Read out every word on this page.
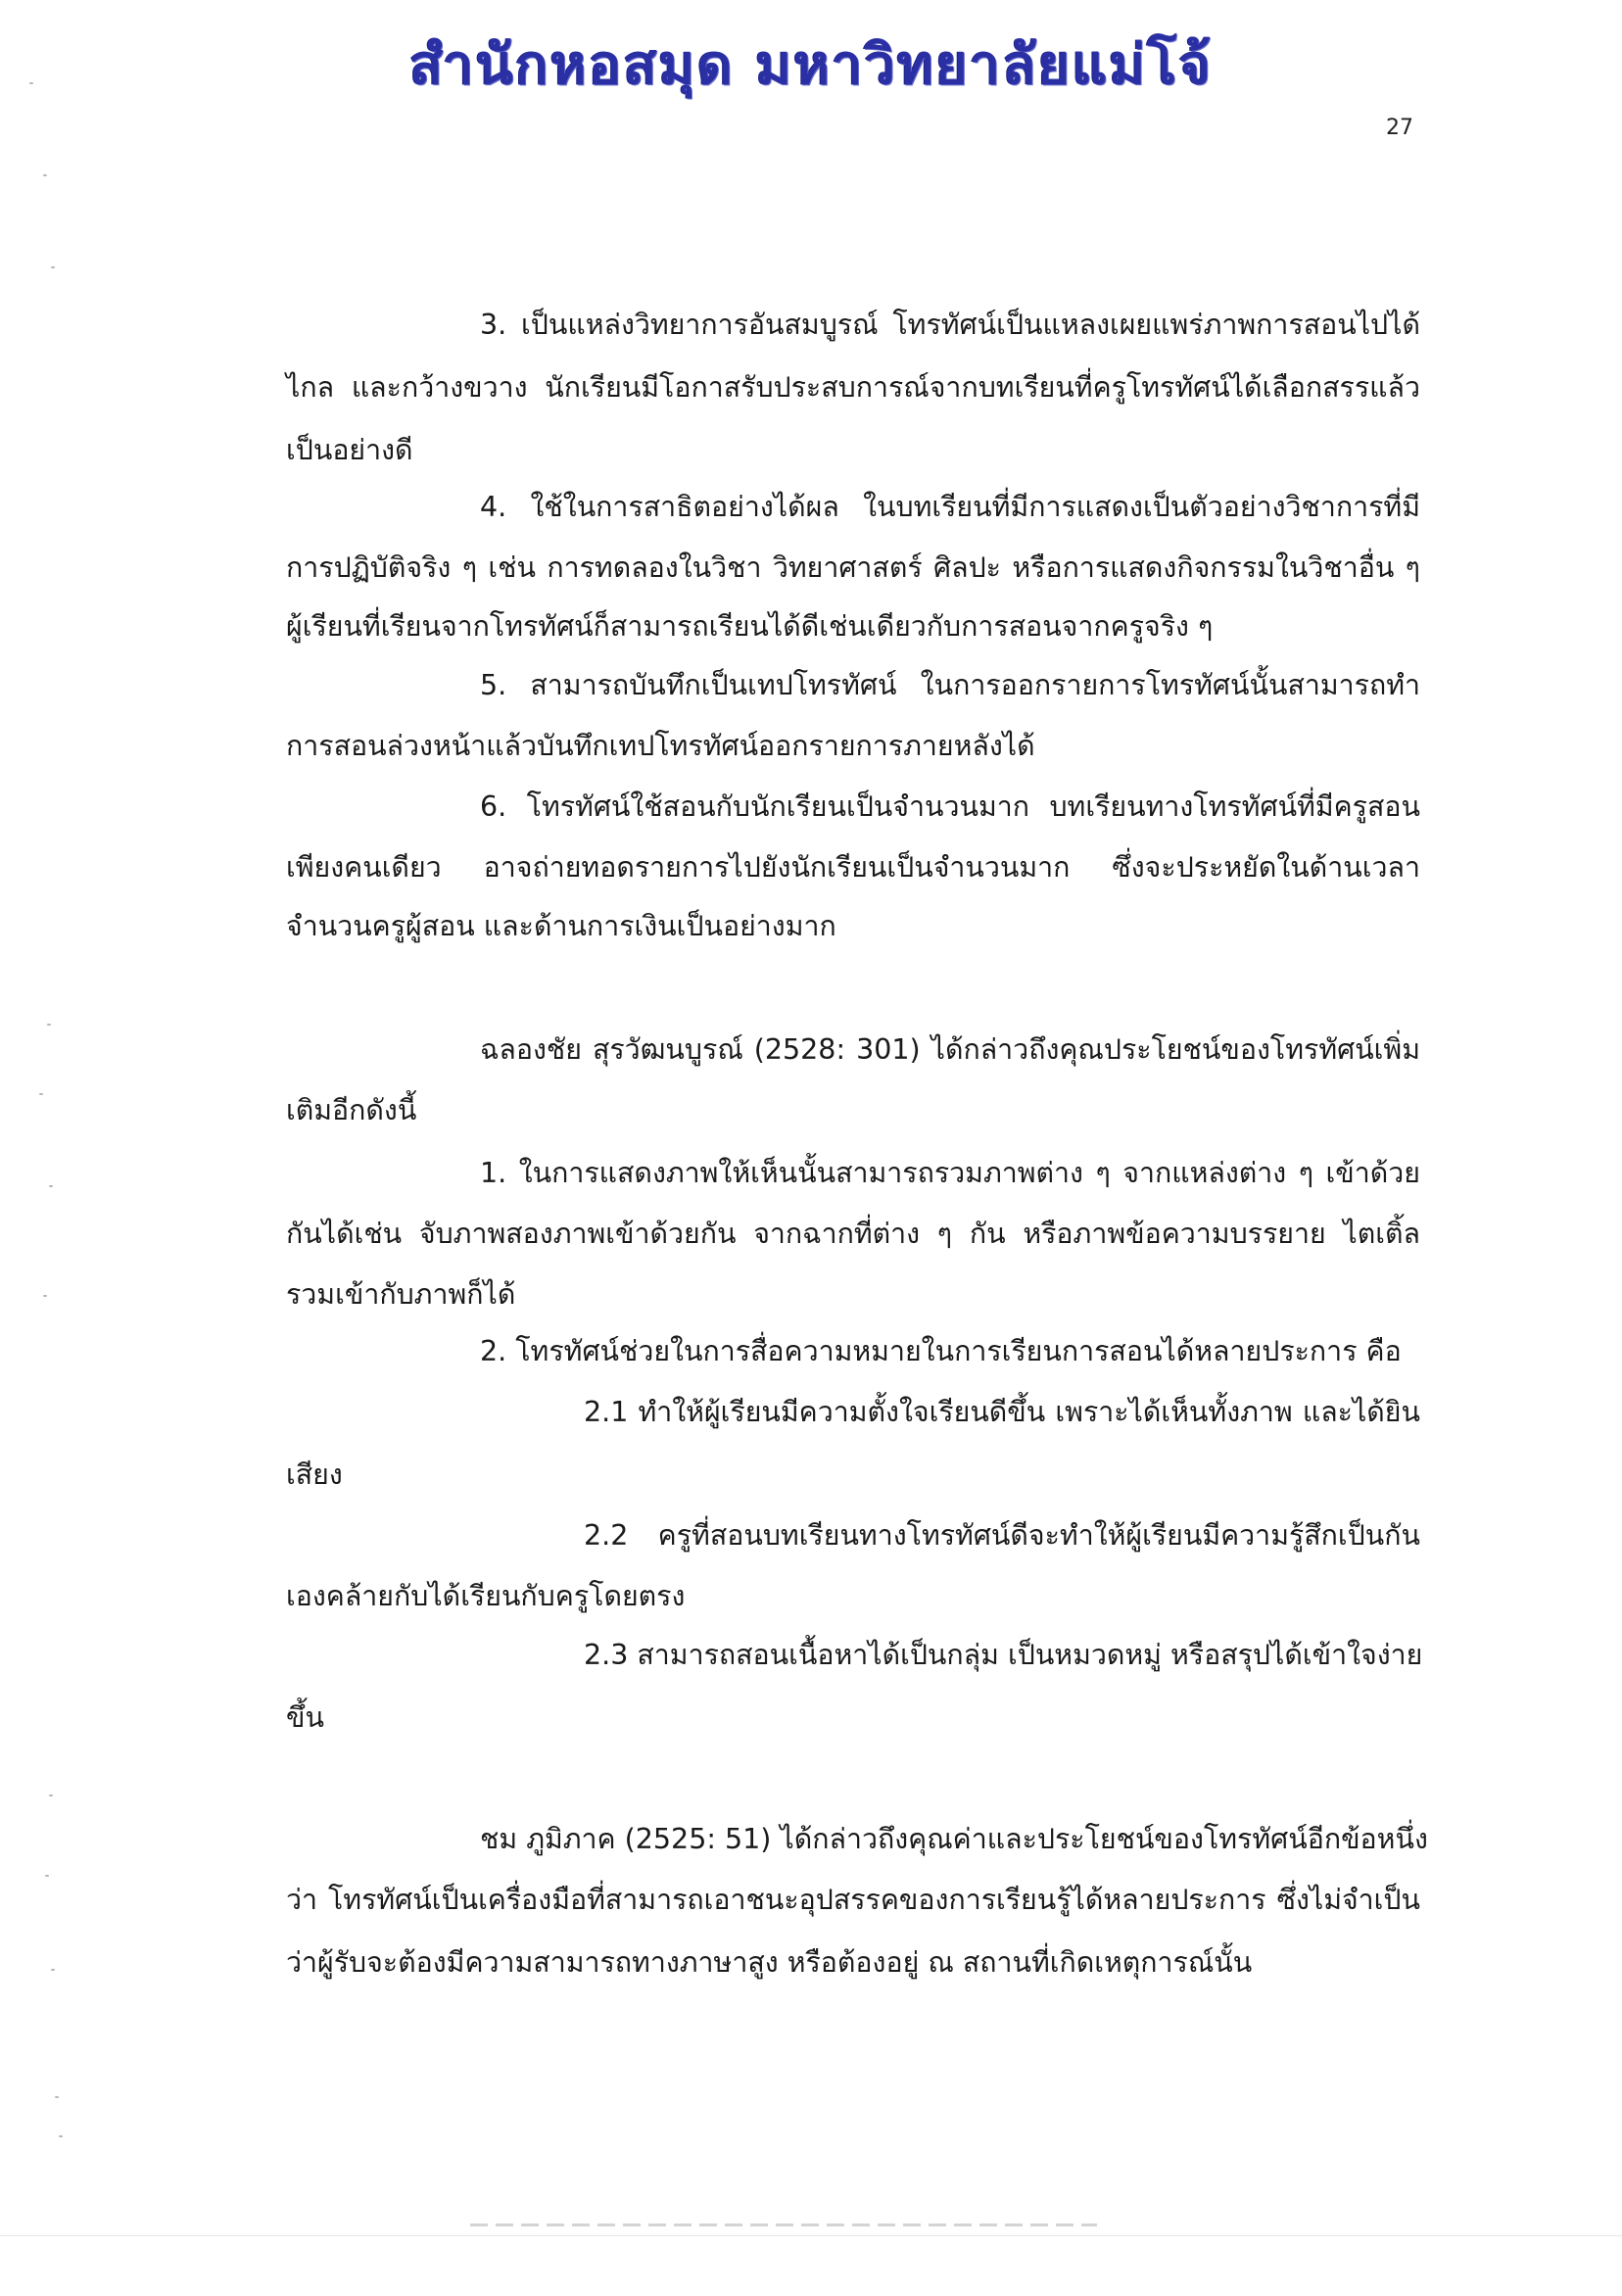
สำนักหอสมุด มหาวิทยาลัยแม่โจ้
27
3. เป็นแหล่งวิทยาการอันสมบูรณ์ โทรทัศน์เป็นแหลงเผยแพร่ภาพการสอนไปได้
ไกล และกว้างขวาง นักเรียนมีโอกาสรับประสบการณ์จากบทเรียนที่ครูโทรทัศน์ได้เลือกสรรแล้ว
เป็นอย่างดี
4. ใช้ในการสาธิตอย่างได้ผล ในบทเรียนที่มีการแสดงเป็นตัวอย่างวิชาการที่มี
การปฏิบัติจริง ๆ เช่น การทดลองในวิชา วิทยาศาสตร์ ศิลปะ หรือการแสดงกิจกรรมในวิชาอื่น ๆ
ผู้เรียนที่เรียนจากโทรทัศน์ก็สามารถเรียนได้ดีเช่นเดียวกับการสอนจากครูจริง ๆ
5. สามารถบันทึกเป็นเทปโทรทัศน์ ในการออกรายการโทรทัศน์นั้นสามารถทำ
การสอนล่วงหน้าแล้วบันทึกเทปโทรทัศน์ออกรายการภายหลังได้
6. โทรทัศน์ใช้สอนกับนักเรียนเป็นจำนวนมาก บทเรียนทางโทรทัศน์ที่มีครูสอน
เพียงคนเดียว อาจถ่ายทอดรายการไปยังนักเรียนเป็นจำนวนมาก ซึ่งจะประหยัดในด้านเวลา
จำนวนครูผู้สอน และด้านการเงินเป็นอย่างมาก
ฉลองชัย สุรวัฒนบูรณ์ (2528: 301) ได้กล่าวถึงคุณประโยชน์ของโทรทัศน์เพิ่ม
เติมอีกดังนี้
1. ในการแสดงภาพให้เห็นนั้นสามารถรวมภาพต่าง ๆ จากแหล่งต่าง ๆ เข้าด้วย
กันได้เช่น จับภาพสองภาพเข้าด้วยกัน จากฉากที่ต่าง ๆ กัน หรือภาพข้อความบรรยาย ไตเติ้ล
รวมเข้ากับภาพก็ได้
2. โทรทัศน์ช่วยในการสื่อความหมายในการเรียนการสอนได้หลายประการ คือ
2.1 ทำให้ผู้เรียนมีความตั้งใจเรียนดีขึ้น เพราะได้เห็นทั้งภาพ และได้ยิน
เสียง
2.2 ครูที่สอนบทเรียนทางโทรทัศน์ดีจะทำให้ผู้เรียนมีความรู้สึกเป็นกัน
เองคล้ายกับได้เรียนกับครูโดยตรง
2.3 สามารถสอนเนื้อหาได้เป็นกลุ่ม เป็นหมวดหมู่ หรือสรุปได้เข้าใจง่าย
ขึ้น
ชม ภูมิภาค (2525: 51) ได้กล่าวถึงคุณค่าและประโยชน์ของโทรทัศน์อีกข้อหนึ่ง
ว่า โทรทัศน์เป็นเครื่องมือที่สามารถเอาชนะอุปสรรคของการเรียนรู้ได้หลายประการ ซึ่งไม่จำเป็น
ว่าผู้รับจะต้องมีความสามารถทางภาษาสูง หรือต้องอยู่ ณ สถานที่เกิดเหตุการณ์นั้น
